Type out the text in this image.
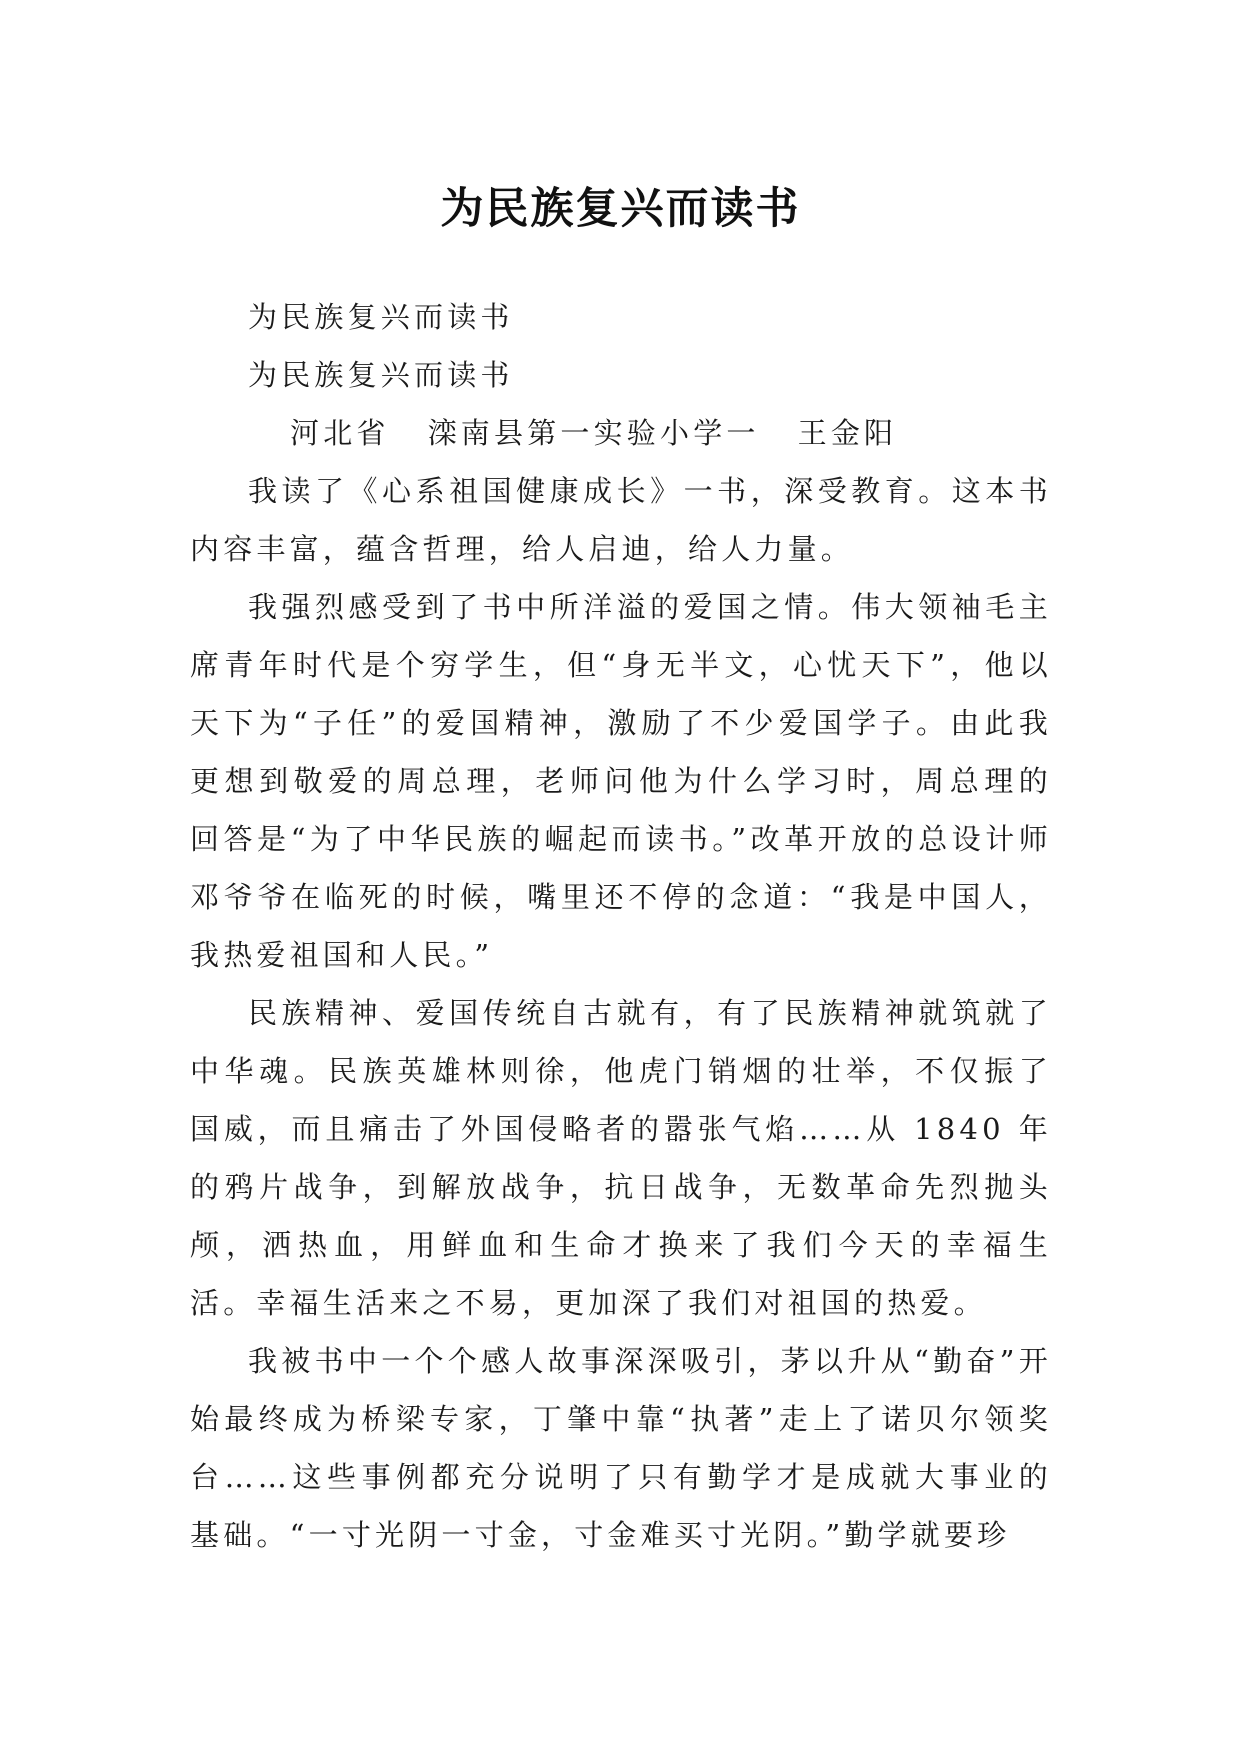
为民族复兴而读书

为民族复兴而读书

为民族复兴而读书

河北省 滦南县第一实验小学一 王金阳

我读了《心系祖国健康成长》一书，深受教育。这本书内容丰富，蕴含哲理，给人启迪，给人力量。

我强烈感受到了书中所洋溢的爱国之情。伟大领袖毛主席青年时代是个穷学生，但“身无半文，心忧天下”，他以天下为“子任”的爱国精神，激励了不少爱国学子。由此我更想到敬爱的周总理，老师问他为什么学习时，周总理的回答是“为了中华民族的崛起而读书。”改革开放的总设计师邓爷爷在临死的时候，嘴里还不停的念道：“我是中国人，我热爱祖国和人民。”

民族精神、爱国传统自古就有，有了民族精神就筑就了中华魂。民族英雄林则徐，他虎门销烟的壮举，不仅振了国威，而且痛击了外国侵略者的嚣张气焰……从 1840 年的鸦片战争，到解放战争，抗日战争，无数革命先烈抛头颅，洒热血，用鲜血和生命才换来了我们今天的幸福生活。幸福生活来之不易，更加深了我们对祖国的热爱。

我被书中一个个感人故事深深吸引，茅以升从“勤奋”开始最终成为桥梁专家，丁肇中靠“执著”走上了诺贝尔领奖台……这些事例都充分说明了只有勤学才是成就大事业的基础。“一寸光阴一寸金，寸金难买寸光阴。”勤学就要珍
